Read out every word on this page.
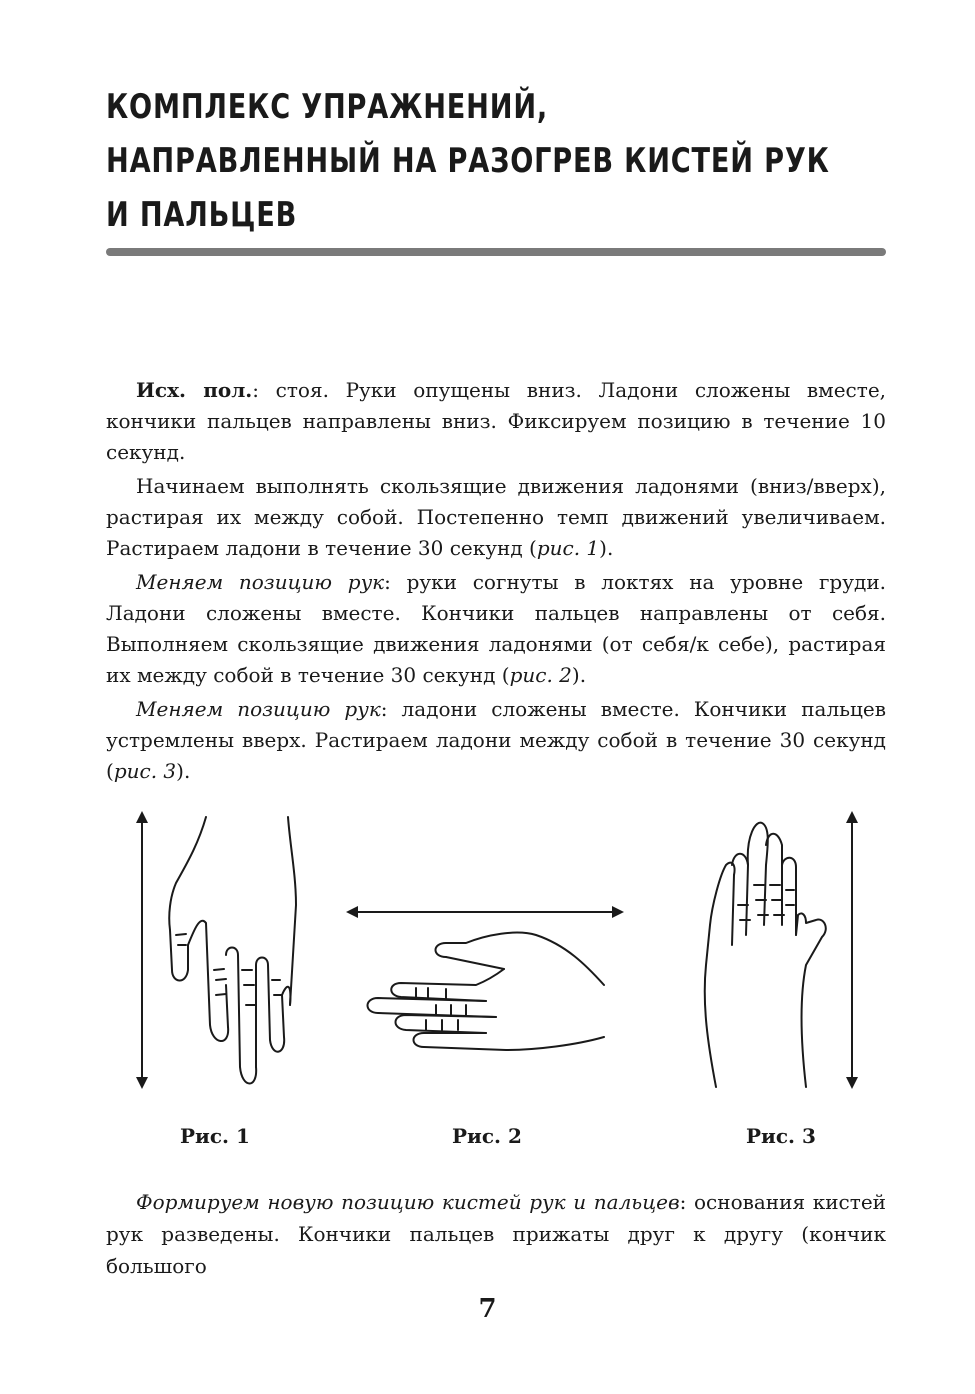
КОМПЛЕКС УПРАЖНЕНИЙ,
НАПРАВЛЕННЫЙ НА РАЗОГРЕВ КИСТЕЙ РУК
И ПАЛЬЦЕВ

Исх. пол.: стоя. Руки опущены вниз. Ладони сложены вместе, кончики пальцев направлены вниз. Фиксируем позицию в течение 10 секунд.

Начинаем выполнять скользящие движения ладонями (вниз/вверх), растирая их между собой. Постепенно темп движений увеличиваем. Растираем ладони в течение 30 секунд (рис. 1).

Меняем позицию рук: руки согнуты в локтях на уровне груди. Ладони сложены вместе. Кончики пальцев направлены от себя. Выполняем скользящие движения ладонями (от себя/к себе), растирая их между собой в течение 30 секунд (рис. 2).

Меняем позицию рук: ладони сложены вместе. Кончики пальцев устремлены вверх. Растираем ладони между собой в течение 30 секунд (рис. 3).

Рис. 1	Рис. 2	Рис. 3

Формируем новую позицию кистей рук и пальцев: основания кистей рук разведены. Кончики пальцев прижаты друг к другу (кончик большого

7
